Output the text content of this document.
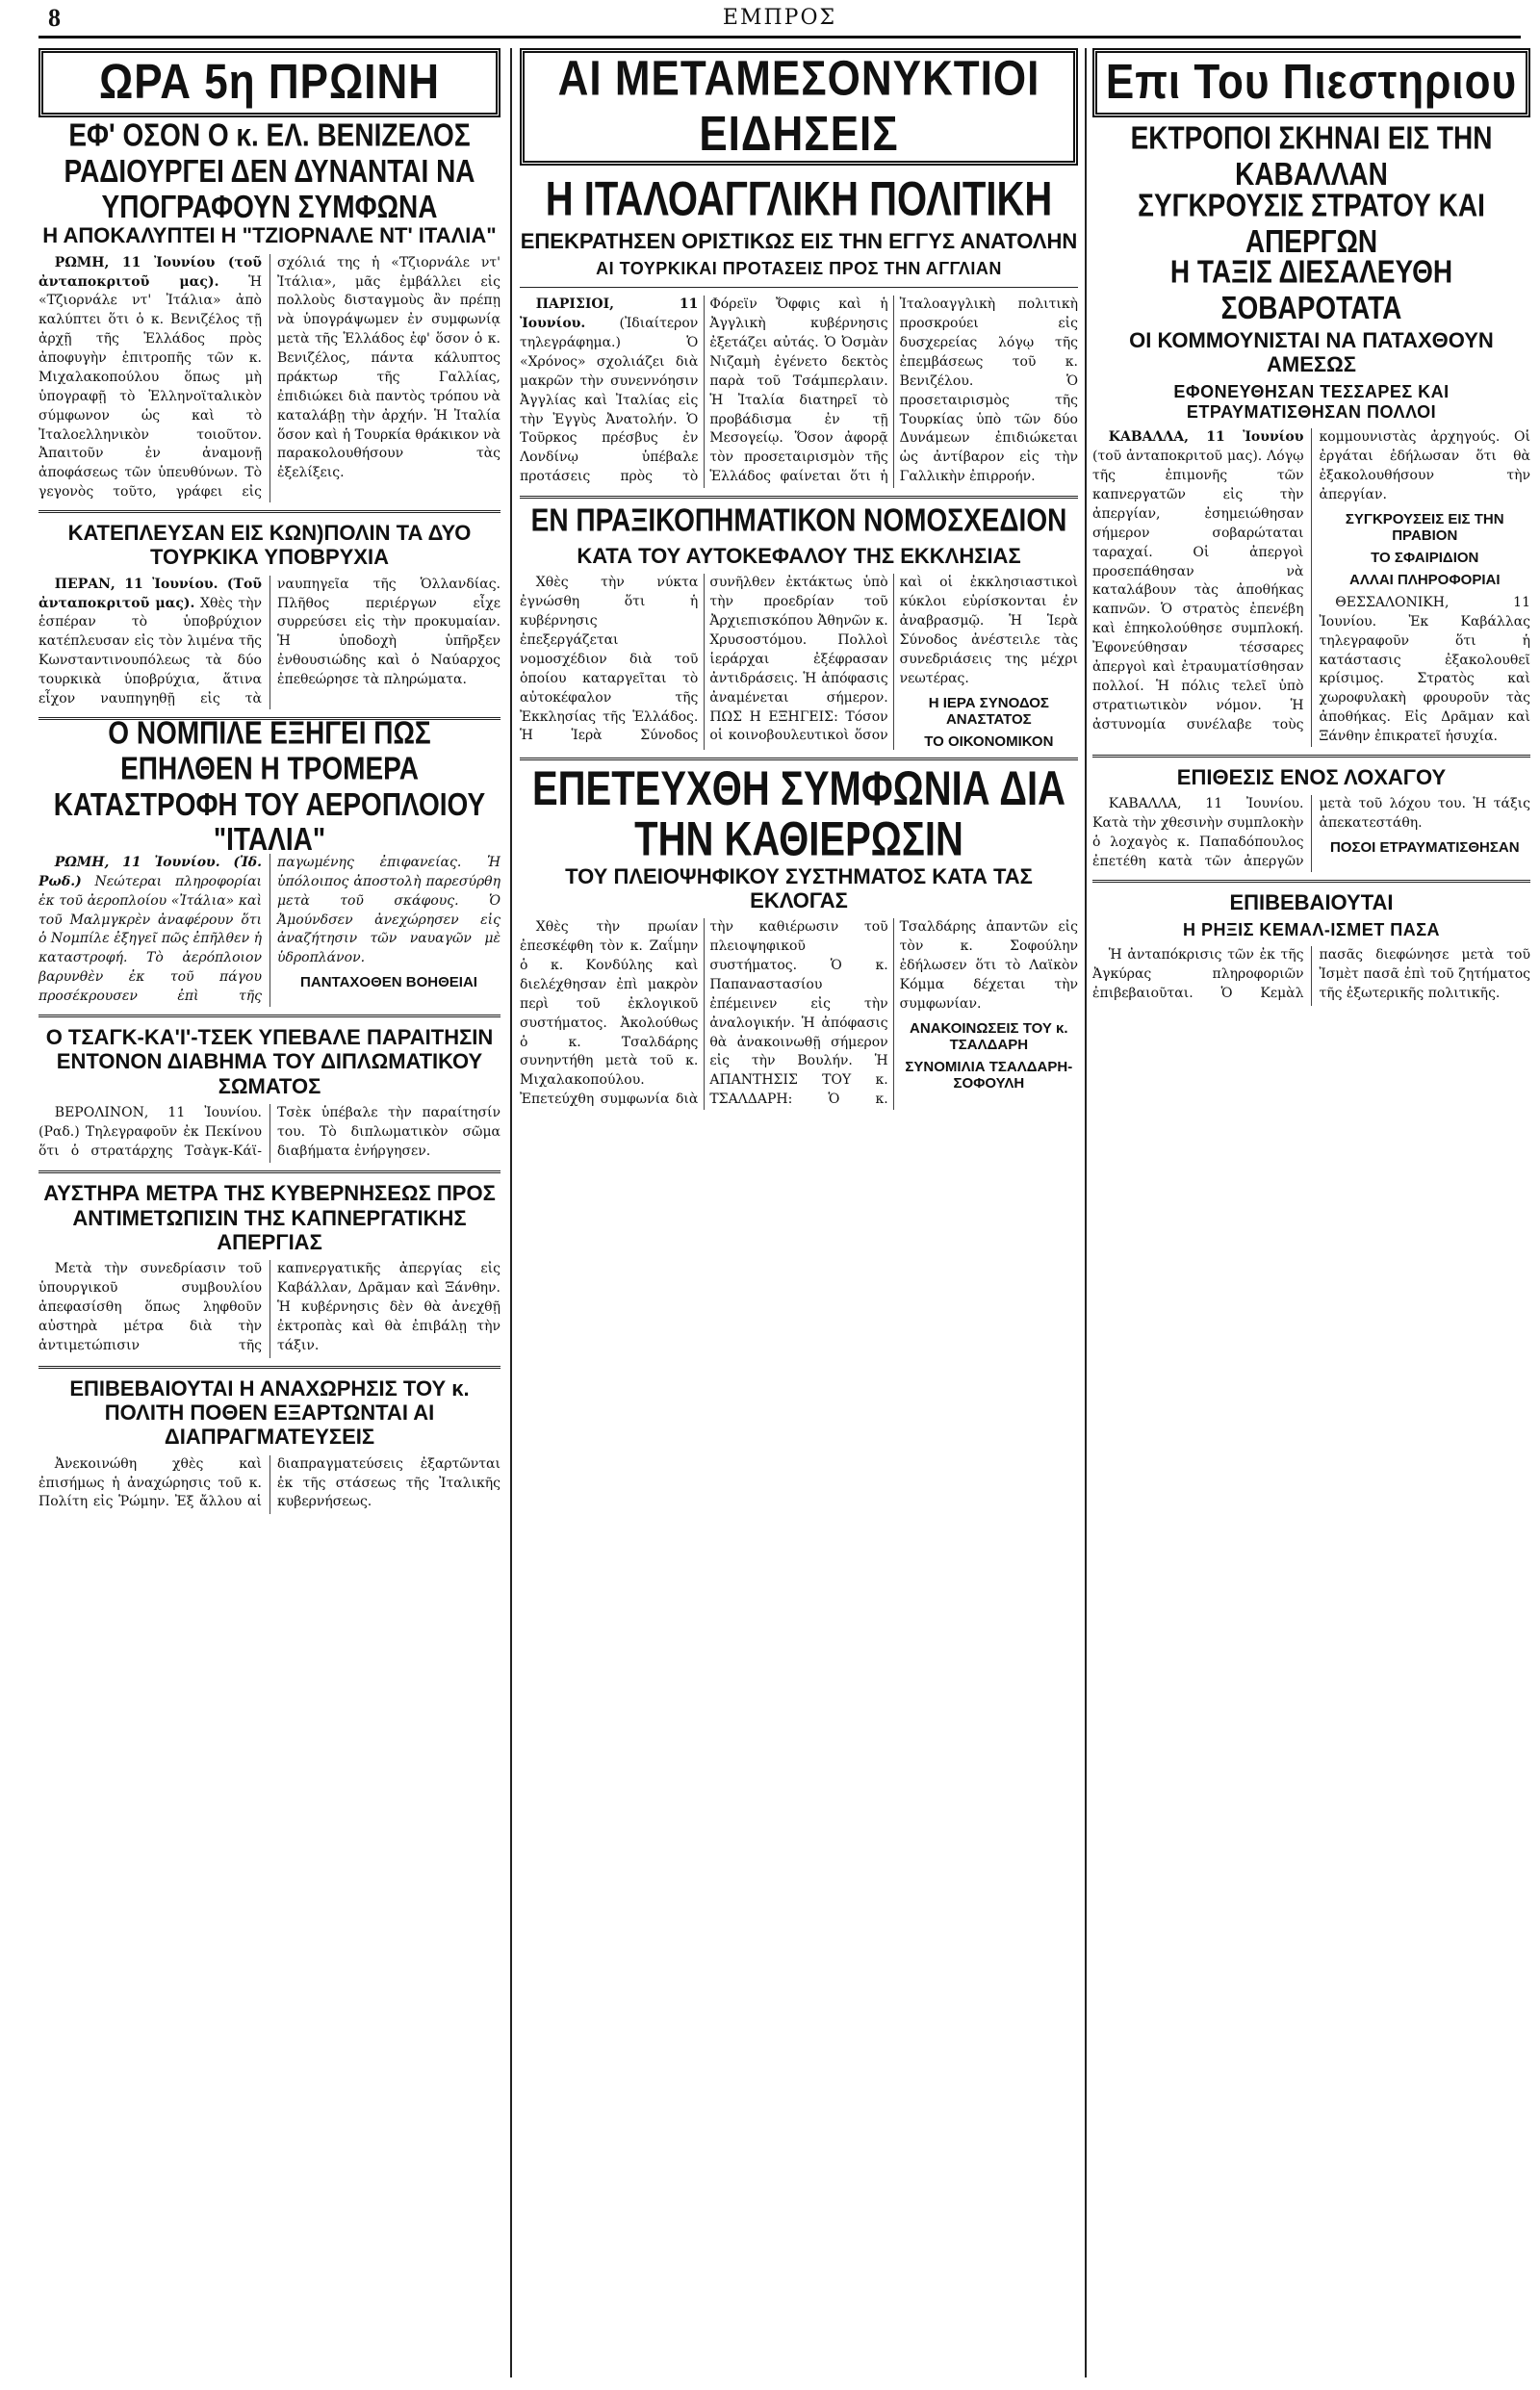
8	ΕΜΠΡΟΣ
ΩΡΑ 5η ΠΡΩΙΝΗ
ΕΦ' ΟΣΟΝ Ο κ. ΕΛ. ΒΕΝΙΖΕΛΟΣ ΡΑΔΙΟΥΡΓΕΙ ΔΕΝ ΔΥΝΑΝΤΑΙ ΝΑ ΥΠΟΓΡΑΦΟΥΝ ΣΥΜΦΩΝΑ
Η ΑΠΟΚΑΛΥΠΤΕΙ Η "ΤΖΙΟΡΝΑΛΕ ΝΤ' ΙΤΑΛΙΑ"

ΡΩΜΗ, 11 Ἰουνίου (τοῦ ἀνταποκριτοῦ μας). Ἡ «Τζιορνάλε ντ' Ἰτάλια» ἀπὸ καλύπτει ὅτι ὁ κ. Βενιζέλος τῇ ἀρχῇ τῆς Ἑλλάδος πρὸς ἀποφυγὴν ἐπιτροπῆς τῶν κ. Μιχαλακοπούλου ὅπως μὴ ὑπογραφῇ τὸ Ἑλληνοϊταλικὸν σύμφωνον ὡς καὶ τὸ Ἰταλοελληνικὸν τοιοῦτον. Ἀπαιτοῦν ἐν ἀναμονῇ ἀποφάσεως τῶν ὑπευθύνων. Τὸ γεγονὸς τοῦτο, γράφει εἰς σχόλιά της ἡ «Τζιορνάλε ντ' Ἰτάλια», μᾶς ἐμβάλλει εἰς πολλοὺς δισταγμοὺς ἂν πρέπῃ νὰ ὑπογράψωμεν ἐν συμφωνίᾳ μετὰ τῆς Ἑλλάδος ἐφ' ὅσον ὁ κ. Βενιζέλος, πάντα κάλυπτος πράκτωρ τῆς Γαλλίας, ἐπιδιώκει διὰ παντὸς τρόπου νὰ καταλάβῃ τὴν ἀρχήν. Ἡ Ἰταλία ὅσον καὶ ἡ Τουρκία θράκικον νὰ παρακολουθήσουν τὰς ἐξελίξεις.

ΚΑΤΕΠΛΕΥΣΑΝ ΕΙΣ ΚΩΝ)ΠΟΛΙΝ ΤΑ ΔΥΟ ΤΟΥΡΚΙΚΑ ΥΠΟΒΡΥΧΙΑ

ΠΕΡΑΝ, 11 Ἰουνίου. (Τοῦ ἀνταποκριτοῦ μας). Χθὲς τὴν ἑσπέραν τὸ ὑποβρύχιον κατέπλευσαν εἰς τὸν λιμένα τῆς Κωνσταντινουπόλεως τὰ δύο τουρκικὰ ὑποβρύχια, ἅτινα εἶχον ναυπηγηθῇ εἰς τὰ ναυπηγεῖα τῆς Ὁλλανδίας. Πλῆθος περιέργων εἶχε συρρεύσει εἰς τὴν προκυμαίαν. Ἡ ὑποδοχὴ ὑπῆρξεν ἐνθουσιώδης καὶ ὁ Ναύαρχος ἐπεθεώρησε τὰ πληρώματα.

Ο ΝΟΜΠΙΛΕ ΕΞΗΓΕΙ ΠΩΣ ΕΠΗΛΘΕΝ Η ΤΡΟΜΕΡΑ ΚΑΤΑΣΤΡΟΦΗ ΤΟΥ ΑΕΡΟΠΛΟΙΟΥ "ΙΤΑΛΙΑ"

ΡΩΜΗ, 11 Ἰουνίου. (Ἰδ. Ρωδ.) Νεώτεραι πληροφορίαι ἐκ τοῦ ἀεροπλοίου «Ἰτάλια» καὶ τοῦ Μαλμγκρὲν ἀναφέρουν ὅτι ὁ Νομπίλε ἐξηγεῖ πῶς ἐπῆλθεν ἡ καταστροφή. Τὸ ἀερόπλοιον βαρυνθὲν ἐκ τοῦ πάγου προσέκρουσεν ἐπὶ τῆς παγωμένης ἐπιφανείας. Ἡ ὑπόλοιπος ἀποστολὴ παρεσύρθη μετὰ τοῦ σκάφους. Ὁ Ἀμούνδσεν ἀνεχώρησεν εἰς ἀναζήτησιν τῶν ναυαγῶν μὲ ὑδροπλάνον.

ΠΑΝΤΑΧΟΘΕΝ ΒΟΗΘΕΙΑΙ
Ο ΤΣΑΓΚ-ΚΑ'Ι'-ΤΣΕΚ ΥΠΕΒΑΛΕ ΠΑΡΑΙΤΗΣΙΝ ΕΝΤΟΝΟΝ ΔΙΑΒΗΜΑ ΤΟΥ ΔΙΠΛΩΜΑΤΙΚΟΥ ΣΩΜΑΤΟΣ

ΒΕΡΟΛΙΝΟΝ, 11 Ἰουνίου. (Ραδ.) Τηλεγραφοῦν ἐκ Πεκίνου ὅτι ὁ στρατάρχης Τσὰγκ-Κάϊ-Τσὲκ ὑπέβαλε τὴν παραίτησίν του. Τὸ διπλωματικὸν σῶμα διαβήματα ἐνήργησεν.

ΑΥΣΤΗΡΑ ΜΕΤΡΑ ΤΗΣ ΚΥΒΕΡΝΗΣΕΩΣ ΠΡΟΣ ΑΝΤΙΜΕΤΩΠΙΣΙΝ ΤΗΣ ΚΑΠΝΕΡΓΑΤΙΚΗΣ ΑΠΕΡΓΙΑΣ

Μετὰ τὴν συνεδρίασιν τοῦ ὑπουργικοῦ συμβουλίου ἀπεφασίσθη ὅπως ληφθοῦν αὐστηρὰ μέτρα διὰ τὴν ἀντιμετώπισιν τῆς καπνεργατικῆς ἀπεργίας εἰς Καβάλλαν, Δρᾶμαν καὶ Ξάνθην. Ἡ κυβέρνησις δὲν θὰ ἀνεχθῇ ἐκτροπὰς καὶ θὰ ἐπιβάλῃ τὴν τάξιν.

ΕΠΙΒΕΒΑΙΟΥΤΑΙ Η ΑΝΑΧΩΡΗΣΙΣ ΤΟΥ κ. ΠΟΛΙΤΗ ΠΟΘΕΝ ΕΞΑΡΤΩΝΤΑΙ ΑΙ ΔΙΑΠΡΑΓΜΑΤΕΥΣΕΙΣ

Ἀνεκοινώθη χθὲς καὶ ἐπισήμως ἡ ἀναχώρησις τοῦ κ. Πολίτη εἰς Ῥώμην. Ἐξ ἄλλου αἱ διαπραγματεύσεις ἐξαρτῶνται ἐκ τῆς στάσεως τῆς Ἰταλικῆς κυβερνήσεως.

ΑΙ ΜΕΤΑΜΕΣΟΝΥΚΤΙΟΙ ΕΙΔΗΣΕΙΣ
Η ΙΤΑΛΟΑΓΓΛΙΚΗ ΠΟΛΙΤΙΚΗ
ΕΠΕΚΡΑΤΗΣΕΝ ΟΡΙΣΤΙΚΩΣ ΕΙΣ ΤΗΝ ΕΓΓΥΣ ΑΝΑΤΟΛΗΝ
ΑΙ ΤΟΥΡΚΙΚΑΙ ΠΡΟΤΑΣΕΙΣ ΠΡΟΣ ΤΗΝ ΑΓΓΛΙΑΝ

ΠΑΡΙΣΙΟΙ, 11 Ἰουνίου.	(Ἰδιαίτερον τηλεγράφημα.) Ὁ «Χρόνος» σχολιάζει διὰ μακρῶν τὴν συνεννόησιν Ἀγγλίας καὶ Ἰταλίας εἰς τὴν Ἐγγὺς Ἀνατολήν. Ὁ Τοῦρκος πρέσβυς ἐν Λονδίνῳ ὑπέβαλε προτάσεις πρὸς τὸ Φόρεϊν Ὄφφις καὶ ἡ Ἀγγλικὴ κυβέρνησις ἐξετάζει αὐτάς. Ὁ Ὀσμὰν Νιζαμὴ ἐγένετο δεκτὸς παρὰ τοῦ Τσάμπερλαιν. Ἡ Ἰταλία διατηρεῖ τὸ προβάδισμα ἐν τῇ Μεσογείῳ. Ὅσον ἀφορᾷ τὸν προσεταιρισμὸν τῆς Ἑλλάδος φαίνεται ὅτι ἡ Ἰταλοαγγλικὴ πολιτικὴ προσκρούει εἰς δυσχερείας λόγῳ τῆς ἐπεμβάσεως τοῦ κ. Βενιζέλου. Ὁ προσεταιρισμὸς τῆς Τουρκίας ὑπὸ τῶν δύο Δυνάμεων ἐπιδιώκεται ὡς ἀντίβαρον εἰς τὴν Γαλλικὴν ἐπιρροήν.

ΕΝ ΠΡΑΞΙΚΟΠΗΜΑΤΙΚΟΝ ΝΟΜΟΣΧΕΔΙΟΝ
ΚΑΤΑ ΤΟΥ ΑΥΤΟΚΕΦΑΛΟΥ ΤΗΣ ΕΚΚΛΗΣΙΑΣ

Χθὲς τὴν νύκτα ἐγνώσθη ὅτι ἡ κυβέρνησις ἐπεξεργάζεται νομοσχέδιον διὰ τοῦ ὁποίου καταργεῖται τὸ αὐτοκέφαλον τῆς Ἐκκλησίας τῆς Ἑλλάδος. Ἡ Ἱερὰ Σύνοδος συνῆλθεν ἐκτάκτως ὑπὸ τὴν προεδρίαν τοῦ Ἀρχιεπισκόπου Ἀθηνῶν κ. Χρυσοστόμου. Πολλοὶ ἱεράρχαι ἐξέφρασαν ἀντιδράσεις. Ἡ ἀπόφασις ἀναμένεται σήμερον. ΠΩΣ Η ΕΞΗΓΕΙΣ: Τόσον οἱ κοινοβουλευτικοὶ ὅσον καὶ οἱ ἐκκλησιαστικοὶ κύκλοι εὑρίσκονται ἐν ἀναβρασμῷ. Ἡ Ἱερὰ Σύνοδος ἀνέστειλε τὰς συνεδριάσεις της μέχρι νεωτέρας.

Η ΙΕΡΑ ΣΥΝΟΔΟΣ ΑΝΑΣΤΑΤΟΣ
ΤΟ ΟΙΚΟΝΟΜΙΚΟΝ
ΕΠΕΤΕΥΧΘΗ ΣΥΜΦΩΝΙΑ ΔΙΑ ΤΗΝ ΚΑΘΙΕΡΩΣΙΝ
ΤΟΥ ΠΛΕΙΟΨΗΦΙΚΟΥ ΣΥΣΤΗΜΑΤΟΣ ΚΑΤΑ ΤΑΣ ΕΚΛΟΓΑΣ

Χθὲς τὴν πρωίαν ἐπεσκέφθη τὸν κ. Ζαΐμην ὁ κ. Κονδύλης καὶ διελέχθησαν ἐπὶ μακρὸν περὶ τοῦ ἐκλογικοῦ συστήματος. Ἀκολούθως ὁ κ. Τσαλδάρης συνηντήθη μετὰ τοῦ κ. Μιχαλακοπούλου. Ἐπετεύχθη συμφωνία διὰ τὴν καθιέρωσιν τοῦ πλειοψηφικοῦ συστήματος. Ὁ κ. Παπαναστασίου ἐπέμεινεν εἰς τὴν ἀναλογικήν. Ἡ ἀπόφασις θὰ ἀνακοινωθῇ σήμερον εἰς τὴν Βουλήν. Ἡ ΑΠΑΝΤΗΣΙΣ ΤΟΥ κ. ΤΣΑΛΔΑΡΗ: Ὁ κ. Τσαλδάρης ἀπαντῶν εἰς τὸν κ. Σοφούλην ἐδήλωσεν ὅτι τὸ Λαϊκὸν Κόμμα δέχεται τὴν συμφωνίαν.

ΑΝΑΚΟΙΝΩΣΕΙΣ ΤΟΥ κ. ΤΣΑΛΔΑΡΗ
ΣΥΝΟΜΙΛΙΑ ΤΣΑΛΔΑΡΗ-ΣΟΦΟΥΛΗ
Επι Του Πιεστηριου
ΕΚΤΡΟΠΟΙ ΣΚΗΝΑΙ ΕΙΣ ΤΗΝ ΚΑΒΑΛΛΑΝ
ΣΥΓΚΡΟΥΣΙΣ ΣΤΡΑΤΟΥ ΚΑΙ ΑΠΕΡΓΩΝ
Η ΤΑΞΙΣ ΔΙΕΣΑΛΕΥΘΗ ΣΟΒΑΡΟΤΑΤΑ
ΟΙ ΚΟΜΜΟΥΝΙΣΤΑΙ ΝΑ ΠΑΤΑΧΘΟΥΝ ΑΜΕΣΩΣ
ΕΦΟΝΕΥΘΗΣΑΝ ΤΕΣΣΑΡΕΣ ΚΑΙ ΕΤΡΑΥΜΑΤΙΣΘΗΣΑΝ ΠΟΛΛΟΙ

ΚΑΒΑΛΛΑ, 11 Ἰουνίου (τοῦ ἀνταποκριτοῦ μας). Λόγῳ τῆς ἐπιμονῆς τῶν καπνεργατῶν εἰς τὴν ἀπεργίαν, ἐσημειώθησαν σήμερον σοβαρώταται ταραχαί. Οἱ ἀπεργοὶ προσεπάθησαν νὰ καταλάβουν τὰς ἀποθήκας καπνῶν. Ὁ στρατὸς ἐπενέβη καὶ ἐπηκολούθησε συμπλοκή. Ἐφονεύθησαν τέσσαρες ἀπεργοὶ καὶ ἐτραυματίσθησαν πολλοί. Ἡ πόλις τελεῖ ὑπὸ στρατιωτικὸν νόμον. Ἡ ἀστυνομία συνέλαβε τοὺς κομμουνιστὰς ἀρχηγούς. Οἱ ἐργάται ἐδήλωσαν ὅτι θὰ ἐξακολουθήσουν τὴν ἀπεργίαν.

ΣΥΓΚΡΟΥΣΕΙΣ ΕΙΣ ΤΗΝ ΠΡΑΒΙΟΝ
ΤΟ ΣΦΑΙΡΙΔΙΟΝ
ΑΛΛΑΙ ΠΛΗΡΟΦΟΡΙΑΙ

ΘΕΣΣΑΛΟΝΙΚΗ, 11 Ἰουνίου. Ἐκ Καβάλλας τηλεγραφοῦν ὅτι ἡ κατάστασις ἐξακολουθεῖ κρίσιμος. Στρατὸς καὶ χωροφυλακὴ φρουροῦν τὰς ἀποθήκας. Εἰς Δρᾶμαν καὶ Ξάνθην ἐπικρατεῖ ἡσυχία.

ΕΠΙΘΕΣΙΣ ΕΝΟΣ ΛΟΧΑΓΟΥ

ΚΑΒΑΛΛΑ, 11 Ἰουνίου. Κατὰ τὴν χθεσινὴν συμπλοκὴν ὁ λοχαγὸς κ. Παπαδόπουλος ἐπετέθη κατὰ τῶν ἀπεργῶν μετὰ τοῦ λόχου του. Ἡ τάξις ἀπεκατεστάθη.

ΠΟΣΟΙ ΕΤΡΑΥΜΑΤΙΣΘΗΣΑΝ
ΕΠΙΒΕΒΑΙΟΥΤΑΙ
Η ΡΗΞΙΣ ΚΕΜΑΛ-ΙΣΜΕΤ ΠΑΣΑ

Ἡ ἀνταπόκρισις τῶν ἐκ τῆς Ἀγκύρας πληροφοριῶν ἐπιβεβαιοῦται. Ὁ Κεμὰλ πασᾶς διεφώνησε μετὰ τοῦ Ἰσμὲτ πασᾶ ἐπὶ τοῦ ζητήματος τῆς ἐξωτερικῆς πολιτικῆς.
